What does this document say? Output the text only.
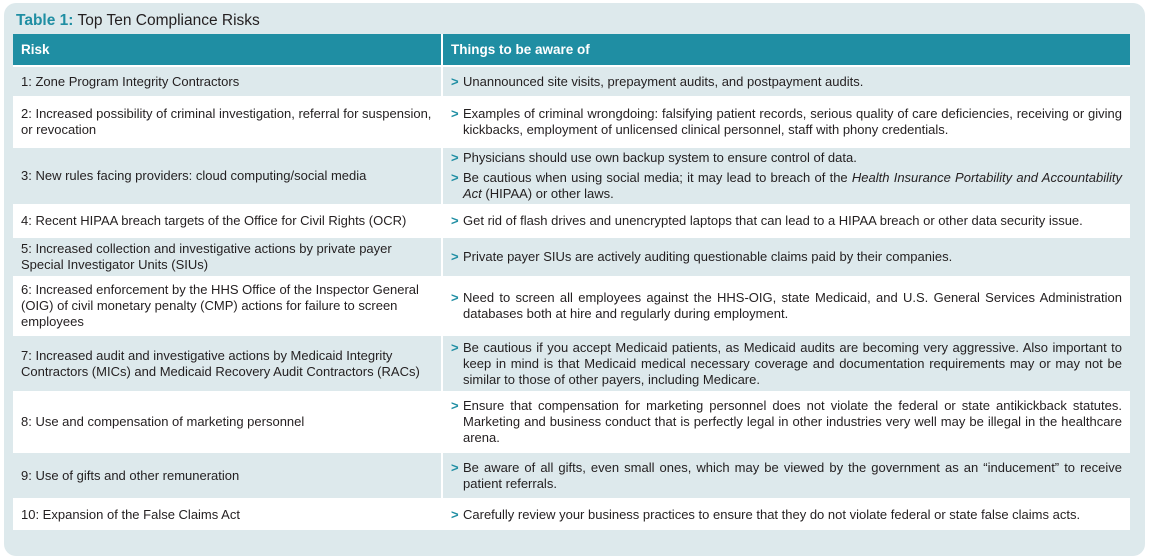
Table 1: Top Ten Compliance Risks
Risk	Things to be aware of
1: Zone Program Integrity Contractors	> Unannounced site visits, prepayment audits, and postpayment audits.

2: Increased possibility of criminal investigation, referral for suspension, or revocation	> Examples of criminal wrongdoing: falsifying patient records, serious quality of care deficiencies, receiving or giving kickbacks, employment of unlicensed clinical personnel, staff with phony credentials.

3: New rules facing providers: cloud computing/social media	> Physicians should use own backup system to ensure control of data.
> Be cautious when using social media; it may lead to breach of the Health Insurance Portability and Accountability Act (HIPAA) or other laws.

4: Recent HIPAA breach targets of the Office for Civil Rights (OCR)	> Get rid of flash drives and unencrypted laptops that can lead to a HIPAA breach or other data security issue.

5: Increased collection and investigative actions by private payer Special Investigator Units (SIUs)	> Private payer SIUs are actively auditing questionable claims paid by their companies.

6: Increased enforcement by the HHS Office of the Inspector General (OIG) of civil monetary penalty (CMP) actions for failure to screen employees	> Need to screen all employees against the HHS-OIG, state Medicaid, and U.S. General Services Administration databases both at hire and regularly during employment.

7: Increased audit and investigative actions by Medicaid Integrity Contractors (MICs) and Medicaid Recovery Audit Contractors (RACs)	> Be cautious if you accept Medicaid patients, as Medicaid audits are becoming very aggressive. Also important to keep in mind is that Medicaid medical necessary coverage and documentation requirements may or may not be similar to those of other payers, including Medicare.

8: Use and compensation of marketing personnel	> Ensure that compensation for marketing personnel does not violate the federal or state antikickback statutes. Marketing and business conduct that is perfectly legal in other industries very well may be illegal in the healthcare arena.

9: Use of gifts and other remuneration	> Be aware of all gifts, even small ones, which may be viewed by the government as an “inducement” to receive patient referrals.

10: Expansion of the False Claims Act	> Carefully review your business practices to ensure that they do not violate federal or state false claims acts.
